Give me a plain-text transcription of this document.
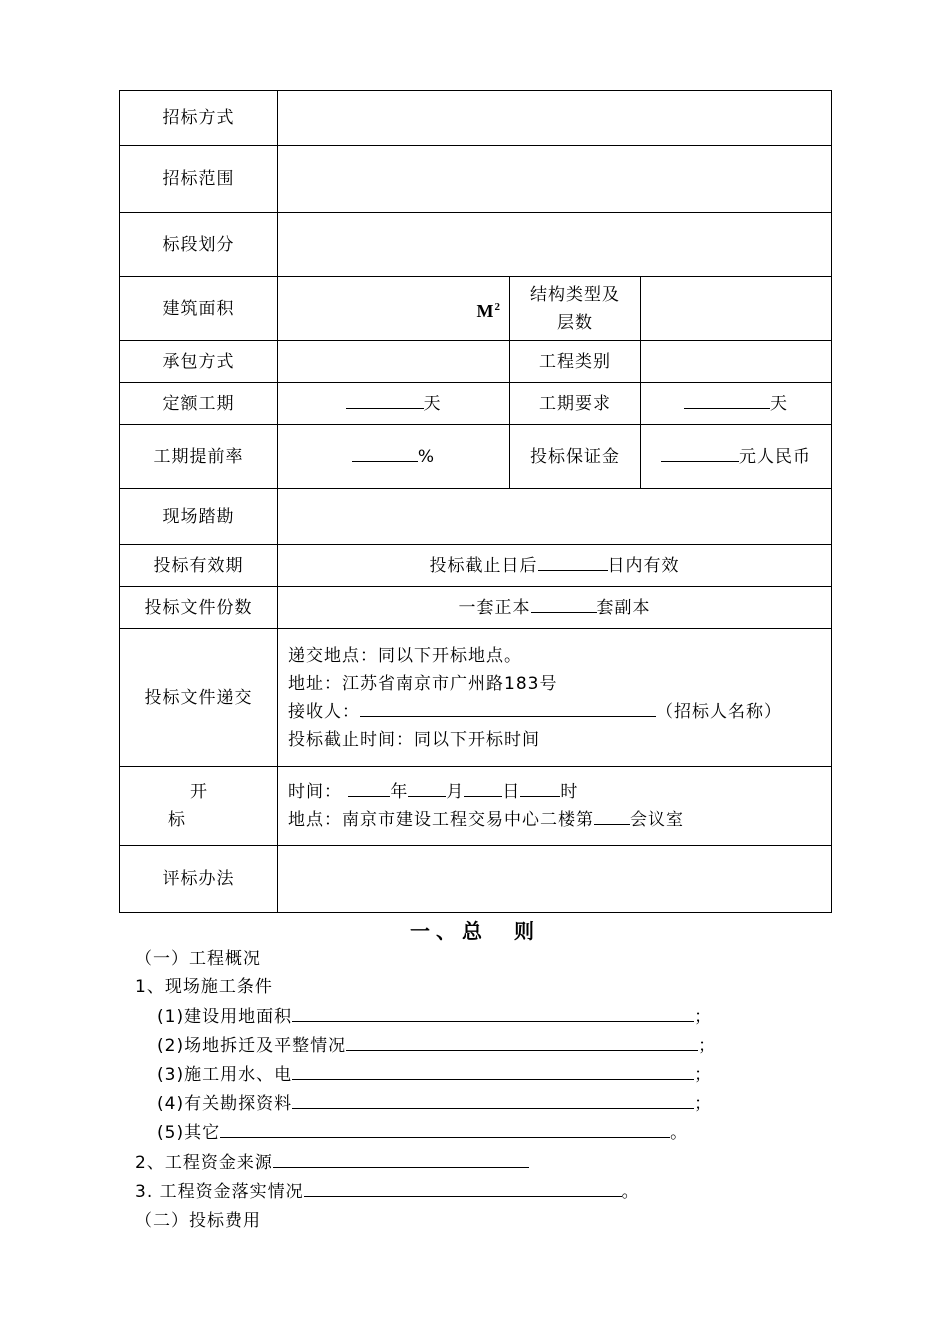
招标方式			
招标范围			
标段划分			
建筑面积	$M^2$	结构类型及
层数	

承包方式		工程类别	
定额工期	天	工期要求	天
工期提前率	%	投标保证金	元人民币
现场踏勘			
投标有效期	投标截止日后 日内有效		
投标文件份数	一套正本 套副本		
投标文件递交	递交地点：同以下开标地点。
地址：江苏省南京市广州路183号
接收人： （招标人名称）
投标截止时间：同以下开标时间		

开标	时间： 年 月 日 时
地点：南京市建设工程交易中心二楼第 会议室		

评标办法			
一、总　则
（一）工程概况
1、现场施工条件
(1)建设用地面积	；
(2)场地拆迁及平整情况	；
(3)施工用水、电	；
(4)有关勘探资料	；
(5)其它	。
2、工程资金来源
3. 工程资金落实情况	。
（二）投标费用
